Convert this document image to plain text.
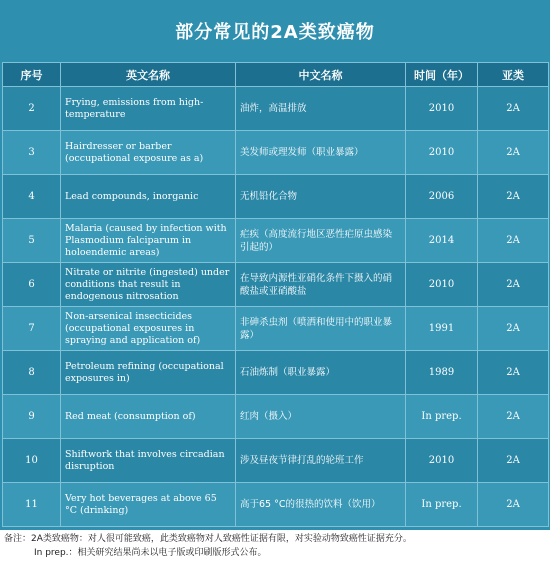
部分常见的2A类致癌物
序号	英文名称	中文名称	时间（年）	亚类
2	Frying, emissions from high-temperature	油炸，高温排放	2010	2A
3	Hairdresser or barber (occupational exposure as a)	美发师或理发师（职业暴露）	2010	2A
4	Lead compounds, inorganic	无机铅化合物	2006	2A
5	Malaria (caused by infection with Plasmodium falciparum in holoendemic areas)	疟疾（高度流行地区恶性疟原虫感染引起的）	2014	2A
6	Nitrate or nitrite (ingested) under conditions that result in endogenous nitrosation	在导致内源性亚硝化条件下摄入的硝酸盐或亚硝酸盐	2010	2A
7	Non-arsenical insecticides (occupational exposures in spraying and application of)	非砷杀虫剂（喷洒和使用中的职业暴露）	1991	2A
8	Petroleum refining (occupational exposures in)	石油炼制（职业暴露）	1989	2A
9	Red meat (consumption of)	红肉（摄入）	In prep.	2A
10	Shiftwork that involves circadian disruption	涉及昼夜节律打乱的轮班工作	2010	2A
11	Very hot beverages at above 65 °C (drinking)	高于65 °C的很热的饮料（饮用）	In prep.	2A
备注：2A类致癌物：对人很可能致癌，此类致癌物对人致癌性证据有限，对实验动物致癌性证据充分。
In prep.：相关研究结果尚未以电子版或印刷版形式公布。
